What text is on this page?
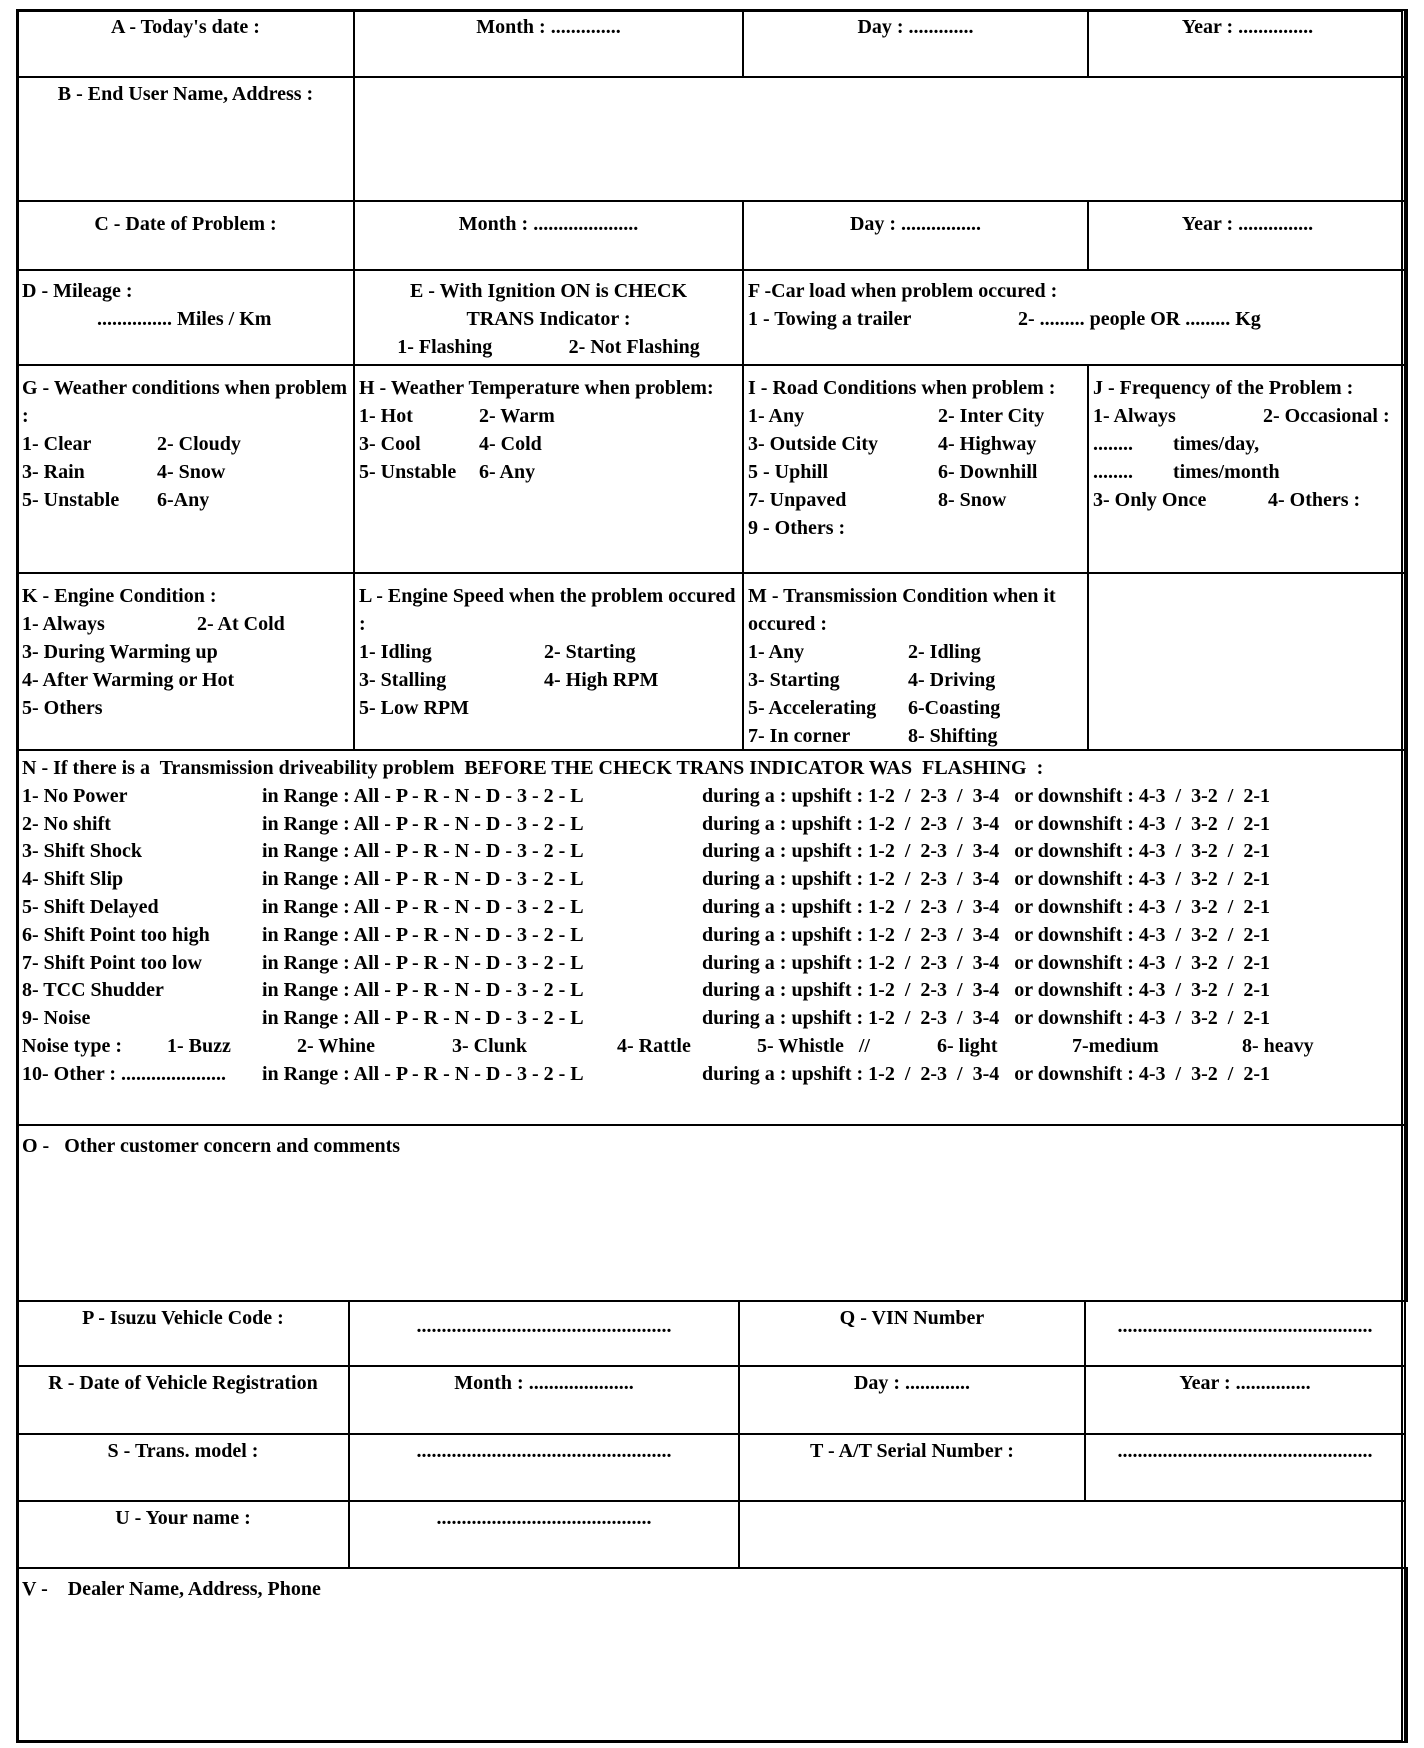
A - Today's date :	Month : ..............	Day : .............	Year : ...............
B - End User Name, Address :
C - Date of Problem :	Month : .....................	Day : ................	Year : ...............
D - Mileage :
............... Miles / Km
E - With Ignition ON is CHECK
TRANS Indicator :
1- Flashing	2- Not Flashing
F -Car load when problem occured :
1 - Towing a trailer	2- ......... people OR ......... Kg
G - Weather conditions when problem :
1- Clear	2- Cloudy
3- Rain	4- Snow
5- Unstable	6-Any
H - Weather Temperature when problem:
1- Hot	2- Warm
3- Cool	4- Cold
5- Unstable	6- Any
I - Road Conditions when problem :
1- Any	2- Inter City
3- Outside City	4- Highway
5 - Uphill	6- Downhill
7- Unpaved	8- Snow
9 - Others :
J - Frequency of the Problem :
1- Always	2- Occasional :
........        times/day,
........        times/month
3- Only Once	4- Others :
K - Engine Condition :
1- Always	2- At Cold
3- During Warming up
4- After Warming or Hot
5- Others
L - Engine Speed when the problem occured :
1- Idling	2- Starting
3- Stalling	4- High RPM
5- Low RPM
M - Transmission Condition when it occured :
1- Any	2- Idling
3- Starting	4- Driving
5- Accelerating	6-Coasting
7- In corner	8- Shifting
N - If there is a  Transmission driveability problem  BEFORE THE CHECK TRANS INDICATOR WAS  FLASHING  :
1- No Power	in Range : All - P - R - N - D - 3 - 2 - L	during a : upshift : 1-2  /  2-3  /  3-4   or downshift : 4-3  /  3-2  /  2-1
2- No shift	in Range : All - P - R - N - D - 3 - 2 - L	during a : upshift : 1-2  /  2-3  /  3-4   or downshift : 4-3  /  3-2  /  2-1
3- Shift Shock	in Range : All - P - R - N - D - 3 - 2 - L	during a : upshift : 1-2  /  2-3  /  3-4   or downshift : 4-3  /  3-2  /  2-1
4- Shift Slip	in Range : All - P - R - N - D - 3 - 2 - L	during a : upshift : 1-2  /  2-3  /  3-4   or downshift : 4-3  /  3-2  /  2-1
5- Shift Delayed	in Range : All - P - R - N - D - 3 - 2 - L	during a : upshift : 1-2  /  2-3  /  3-4   or downshift : 4-3  /  3-2  /  2-1
6- Shift Point too high	in Range : All - P - R - N - D - 3 - 2 - L	during a : upshift : 1-2  /  2-3  /  3-4   or downshift : 4-3  /  3-2  /  2-1
7- Shift Point too low	in Range : All - P - R - N - D - 3 - 2 - L	during a : upshift : 1-2  /  2-3  /  3-4   or downshift : 4-3  /  3-2  /  2-1
8- TCC Shudder	in Range : All - P - R - N - D - 3 - 2 - L	during a : upshift : 1-2  /  2-3  /  3-4   or downshift : 4-3  /  3-2  /  2-1
9- Noise	in Range : All - P - R - N - D - 3 - 2 - L	during a : upshift : 1-2  /  2-3  /  3-4   or downshift : 4-3  /  3-2  /  2-1
Noise type :	1- Buzz	2- Whine	3- Clunk	4- Rattle	5- Whistle   //	6- light	7-medium	8- heavy
10- Other : .....................	in Range : All - P - R - N - D - 3 - 2 - L	during a : upshift : 1-2  /  2-3  /  3-4   or downshift : 4-3  /  3-2  /  2-1
O -   Other customer concern and comments
P - Isuzu Vehicle Code :	...................................................	Q - VIN Number	...................................................
R - Date of Vehicle Registration	Month : .....................	Day : .............	Year : ...............
S - Trans. model :	...................................................	T - A/T Serial Number :	...................................................
U - Your name :	...........................................
V -    Dealer Name, Address, Phone
